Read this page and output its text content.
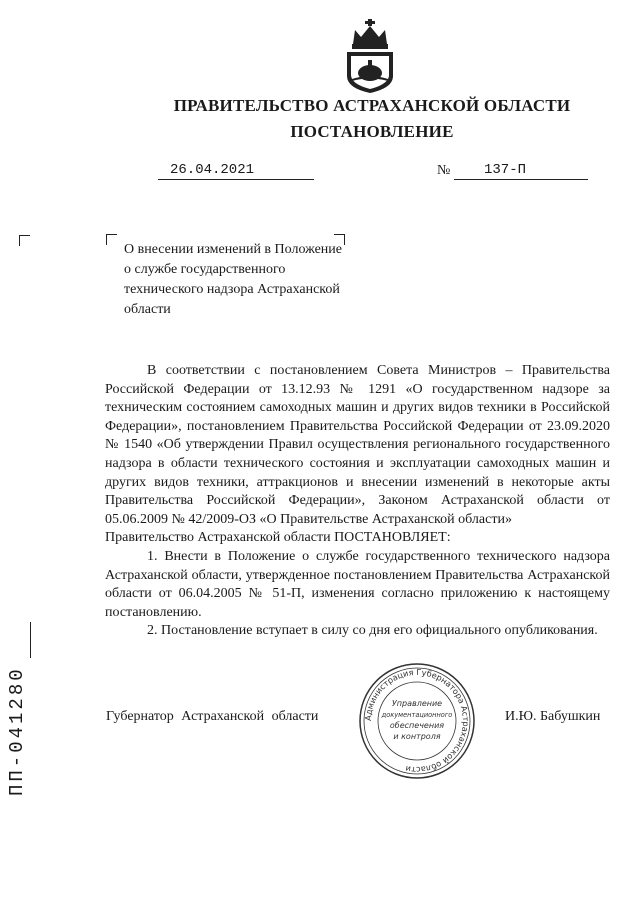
ПРАВИТЕЛЬСТВО АСТРАХАНСКОЙ ОБЛАСТИ
ПОСТАНОВЛЕНИЕ
26.04.2021	№ 137-П
О внесении изменений в Положение о службе государственного технического надзора Астраханской области

В соответствии с постановлением Совета Министров – Правительства Российской Федерации от 13.12.93 № 1291 «О государственном надзоре за техническим состоянием самоходных машин и других видов техники в Российской Федерации», постановлением Правительства Российской Федерации от 23.09.2020 № 1540 «Об утверждении Правил осуществления регионального государственного надзора в области технического состояния и эксплуатации самоходных машин и других видов техники, аттракционов и внесении изменений в некоторые акты Правительства Российской Федерации», Законом Астраханской области от 05.06.2009 № 42/2009-ОЗ «О Правительстве Астраханской области»

Правительство Астраханской области ПОСТАНОВЛЯЕТ:

1. Внести в Положение о службе государственного технического надзора Астраханской области, утвержденное постановлением Правительства Астраханской области от 06.04.2005 № 51-П, изменения согласно приложению к настоящему постановлению.

2. Постановление вступает в силу со дня его официального опубликования.

Администрация Губернатора Астраханской области
Управление
документационного
обеспечения
и контроля
Губернатор Астраханской области	И.Ю. Бабушкин
ПП-041280
